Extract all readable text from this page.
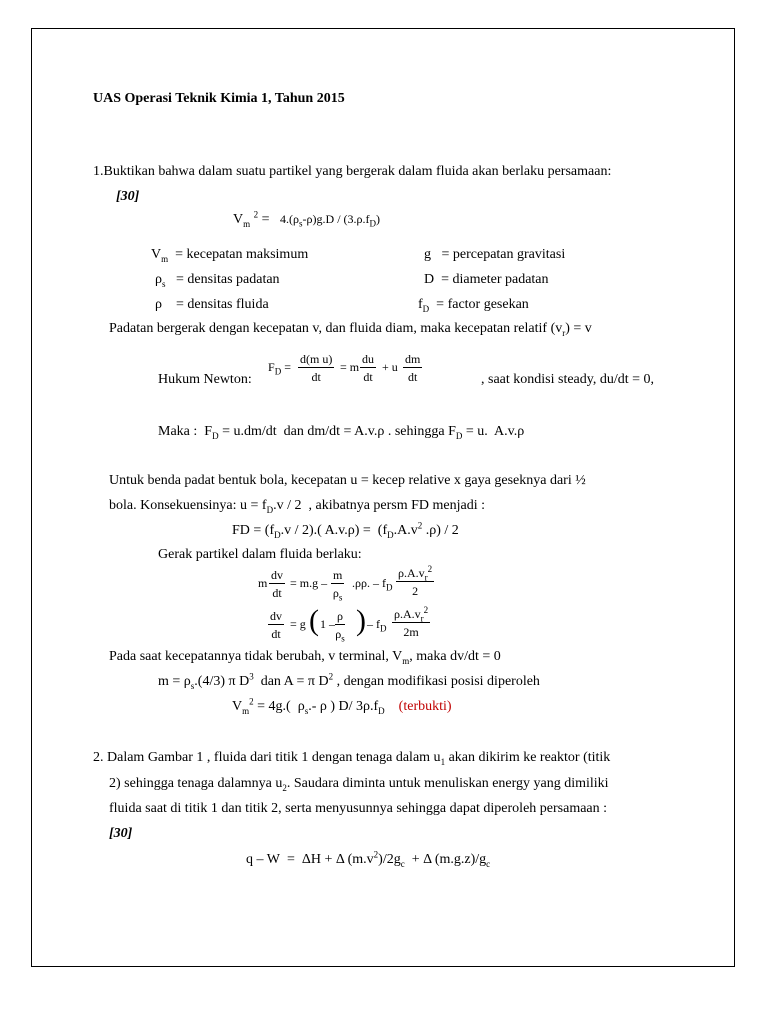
UAS Operasi Teknik Kimia 1, Tahun 2015
1.Buktikan bahwa dalam suatu partikel yang bergerak dalam fluida akan berlaku persamaan:
[30]
$V_m$ $^2 = 4.(\rho_s-\rho)g.D / (3.\rho.f_D)$
$V_m$ = kecepatan maksimum	g   = percepatan gravitasi
$\rho_s$ = densitas padatan	D  = diameter padatan
ρ    = densitas fluida	$f_D$ = factor gesekan
Padatan bergerak dengan kecepatan v, dan fluida diam, maka kecepatan relatif $(v_r) = v$
Hukum Newton:
$F_D$ =
d(m u)
dt
= m
du
dt
+ u
dm
dt	, saat kondisi steady, du/dt = 0,
Maka :  $F_D = u.dm/dt$  dan dm/dt = A.v.ρ . sehingga $F_D = u$.  A.v.ρ
Untuk benda padat bentuk bola, kecepatan u = kecep relative x gaya geseknya dari ½
bola. Konsekuensinya: $u = f_D.v / 2$  , akibatnya persm FD menjadi :
FD = $(f_D.v / 2)$.( $A.v.\rho) = (f_D.A.v^2$ .ρ) / 2
Gerak partikel dalam fluida berlaku:
m
dv
dt
= m.g –
m
$\rho_s$
.ρρ. – $f_D$
$\rho.A.v_r^2$
2
dv
dt
= g ( 1 –
ρ
$\rho_s$
) – $f_D$
$\rho.A.v_r^2$
2m
Pada saat kecepatannya tidak berubah, v terminal, $V_m$, maka dv/dt = 0
$m = \rho_s.(4/3)$ π $D^3$  dan A = π $D^2$ , dengan modifikasi posisi diperoleh
$V_m^2 = 4g$.(  $\rho_s.-$ ρ ) D/ $3\rho.f_D$ (terbukti)
2. Dalam Gambar 1 , fluida dari titik 1 dengan tenaga dalam $u_1$ akan dikirim ke reaktor (titik
2) sehingga tenaga dalamnya $u_2$. Saudara diminta untuk menuliskan energy yang dimiliki
fluida saat di titik 1 dan titik 2, serta menyusunnya sehingga dapat diperoleh persamaan :
[30]
q – W  =  ΔH + Δ $(m.v^2)/2g_c + \Delta$ $(m.g.z)/g_c$
